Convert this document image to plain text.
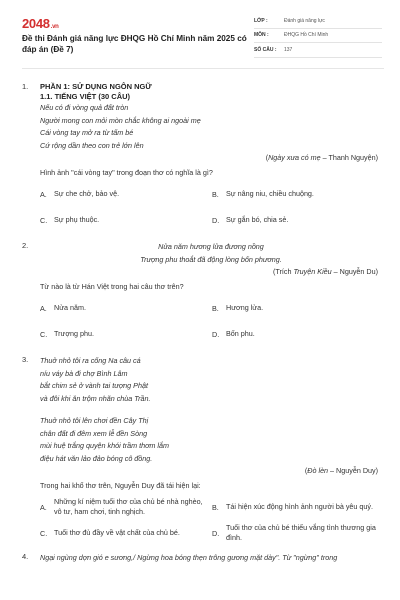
2048.vn
Đề thi Đánh giá năng lực ĐHQG Hồ Chí Minh năm 2025 có đáp án (Đề 7)
LỚP :	Đánh giá năng lực
MÔN :	ĐHQG Hồ Chí Minh
SỐ CÂU :	137
1. PHẦN 1: SỬ DỤNG NGÔN NGỮ
1.1. TIẾNG VIỆT (30 CÂU)
Nếu có đi vòng quả đất tròn
Người mong con mỏi mòn chắc không ai ngoài mẹ
Cái vòng tay mở ra từ tấm bé
Cứ rộng dần theo con trẻ lớn lên
(Ngày xưa có mẹ – Thanh Nguyện)
Hình ảnh "cái vòng tay" trong đoạn thơ có nghĩa là gì?
A.	Sự che chở, bảo vệ.	B.	Sự nâng niu, chiều chuộng.
C. Sự phụ thuộc.	D. Sự gắn bó, chia sẻ.
2.	Nửa năm hương lửa đương nồng
Trượng phu thoắt đã động lòng bốn phương.
(Trích Truyện Kiều – Nguyễn Du)
Từ nào là từ Hán Việt trong hai câu thơ trên?
A.	Nửa năm.	B.	Hương lửa.
C. Trượng phu.	D. Bốn phu.
3. Thuở nhỏ tôi ra cống Na câu cá
níu váy bà đi chợ Bình Lâm
bắt chim sẻ ở vành tai tượng Phật
và đôi khi ăn trộm nhãn chùa Trần.
Thuở nhỏ tôi lên chơi đền Cây Thị
chân đất đi đêm xem lễ đền Sòng
mùi huệ trắng quyện khói trầm thơm lắm
điệu hát văn lảo đảo bóng cô đồng.
(Đò lèn – Nguyễn Duy)
Trong hai khổ thơ trên, Nguyễn Duy đã tái hiện lại:
A.
Những kí niệm tuổi thơ của chủ bé nhà nghèo, vô tư, ham chơi, tinh nghịch.	B.	Tái hiện xúc động hình ảnh người bà yêu quý.
C. Tuổi thơ đủ đầy về vật chất của chủ bé.	D.
Tuổi thơ của chủ bé thiếu vắng tình thương gia đình.
4. Ngại ngùng dợn gió e sương,/ Ngừng hoa bóng thẹn trông gương mặt dày". Từ "ngừng" trong
